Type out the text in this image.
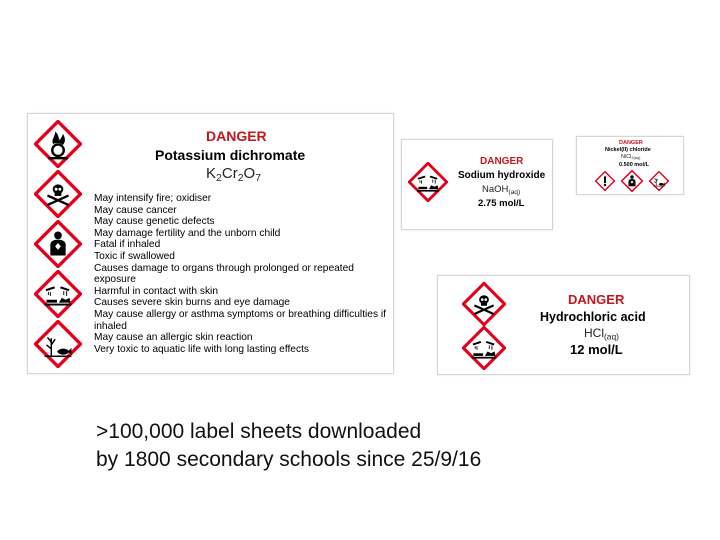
DANGER
Potassium dichromate
$K_2Cr_2O_7$
May intensify fire; oxidiser
May cause cancer
May cause genetic defects
May damage fertility and the unborn child
Fatal if inhaled
Toxic if swallowed
Causes damage to organs through prolonged or repeated
exposure
Harmful in contact with skin
Causes severe skin burns and eye damage
May cause allergy or asthma symptoms or breathing difficulties if
inhaled
May cause an allergic skin reaction
Very toxic to aquatic life with long lasting effects
DANGER
Sodium hydroxide
NaOH$_{(aq)}$
2.75 mol/L
DANGER
Nickel(II) chloride
NiCl$_{2(aq)}$
0.500 mol/L
DANGER
Hydrochloric acid
HCl$_{(aq)}$
12 mol/L
>100,000 label sheets downloaded
by 1800 secondary schools since 25/9/16
